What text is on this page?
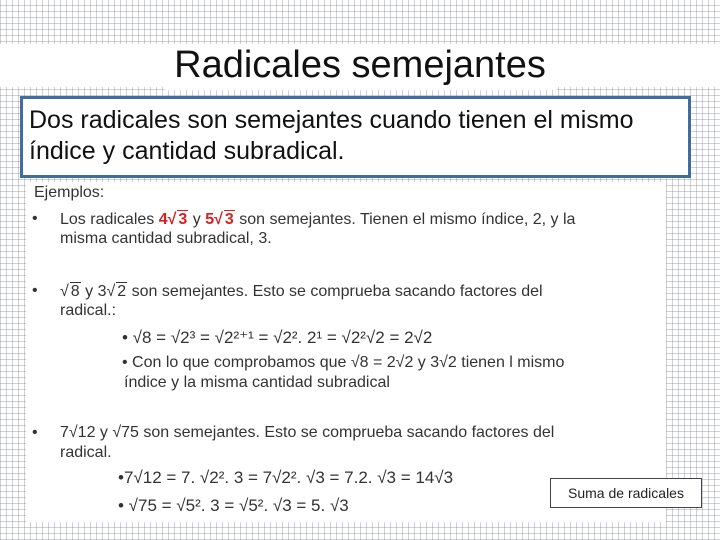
Radicales semejantes
Dos radicales son semejantes cuando tienen el mismo índice y cantidad subradical.
Ejemplos:
• Los radicales 4√ 3 y 5√ 3 son semejantes. Tienen el mismo índice, 2, y la
misma cantidad subradical, 3.
• √ 8 y 3√ 2 son semejantes. Esto se comprueba sacando factores del
radical.:
• √8 = √2³ = √2²⁺¹ = √2². 2¹ = √2²√2 = 2√2
• Con lo que comprobamos que √8 = 2√2 y 3√2 tienen l mismo
índice y la misma cantidad subradical
• 7√12 y √75 son semejantes. Esto se comprueba sacando factores del
radical.
•7√12 = 7. √2². 3 = 7√2². √3 = 7.2. √3 = 14√3
• √75 = √5². 3 = √5². √3 = 5. √3
Suma de radicales
